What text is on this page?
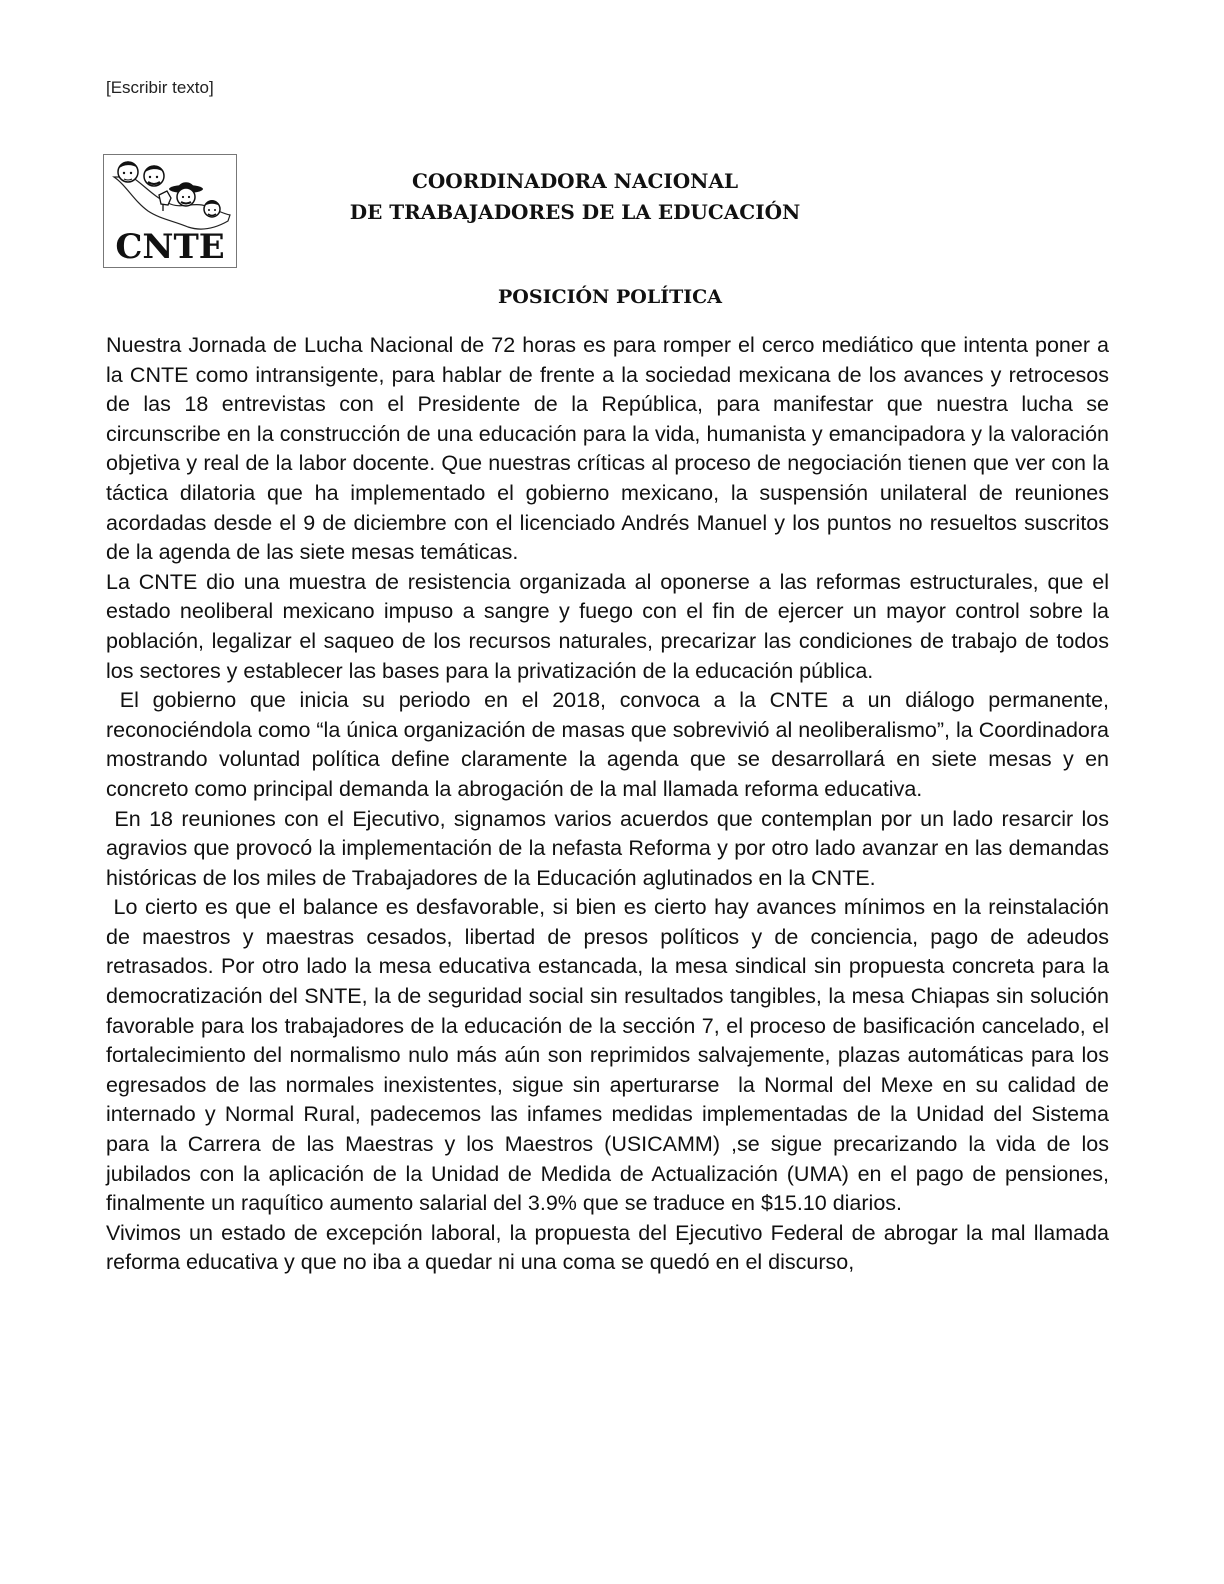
[Escribir texto]
CNTE
COORDINADORA NACIONAL
DE TRABAJADORES DE LA EDUCACIÓN
POSICIÓN POLÍTICA

Nuestra Jornada de Lucha Nacional de 72 horas es para romper el cerco mediático que intenta poner a la CNTE como intransigente, para hablar de frente a la sociedad mexicana de los avances y retrocesos de las 18 entrevistas con el Presidente de la República, para manifestar que nuestra lucha se circunscribe en la construcción de una educación para la vida, humanista y emancipadora y la valoración objetiva y real de la labor docente. Que nuestras críticas al proceso de negociación tienen que ver con la táctica dilatoria que ha implementado el gobierno mexicano, la suspensión unilateral de reuniones acordadas desde el 9 de diciembre con el licenciado Andrés Manuel y los puntos no resueltos suscritos de la agenda de las siete mesas temáticas.

La CNTE dio una muestra de resistencia organizada al oponerse a las reformas estructurales, que el estado neoliberal mexicano impuso a sangre y fuego con el fin de ejercer un mayor control sobre la población, legalizar el saqueo de los recursos naturales, precarizar las condiciones de trabajo de todos los sectores y establecer las bases para la privatización de la educación pública.

El gobierno que inicia su periodo en el 2018, convoca a la CNTE a un diálogo permanente, reconociéndola como “la única organización de masas que sobrevivió al neoliberalismo”, la Coordinadora mostrando voluntad política define claramente la agenda que se desarrollará en siete mesas y en concreto como principal demanda la abrogación de la mal llamada reforma educativa.

En 18 reuniones con el Ejecutivo, signamos varios acuerdos que contemplan por un lado resarcir los agravios que provocó la implementación de la nefasta Reforma y por otro lado avanzar en las demandas históricas de los miles de Trabajadores de la Educación aglutinados en la CNTE.

Lo cierto es que el balance es desfavorable, si bien es cierto hay avances mínimos en la reinstalación de maestros y maestras cesados, libertad de presos políticos y de conciencia, pago de adeudos retrasados. Por otro lado la mesa educativa estancada, la mesa sindical sin propuesta concreta para la democratización del SNTE, la de seguridad social sin resultados tangibles, la mesa Chiapas sin solución favorable para los trabajadores de la educación de la sección 7, el proceso de basificación cancelado, el fortalecimiento del normalismo nulo más aún son reprimidos salvajemente, plazas automáticas para los egresados de las normales inexistentes, sigue sin aperturarse  la Normal del Mexe en su calidad de internado y Normal Rural, padecemos las infames medidas implementadas de la Unidad del Sistema para la Carrera de las Maestras y los Maestros (USICAMM) ,se sigue precarizando la vida de los jubilados con la aplicación de la Unidad de Medida de Actualización (UMA) en el pago de pensiones, finalmente un raquítico aumento salarial del 3.9% que se traduce en $15.10 diarios.

Vivimos un estado de excepción laboral, la propuesta del Ejecutivo Federal de abrogar la mal llamada reforma educativa y que no iba a quedar ni una coma se quedó en el discurso,
